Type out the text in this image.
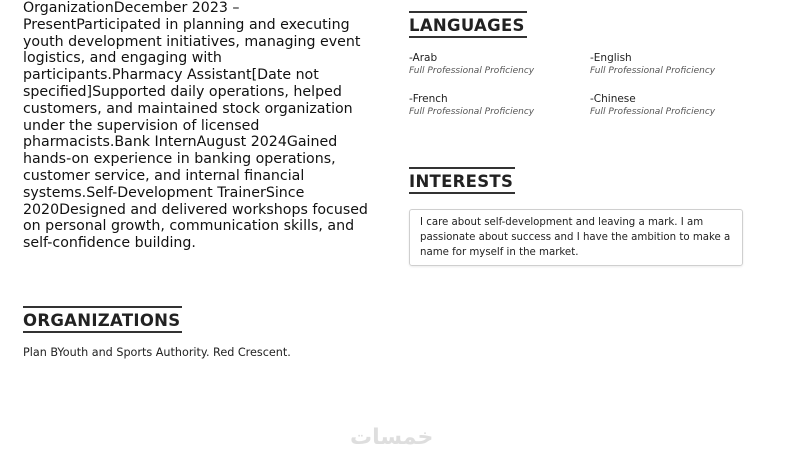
OrganizationDecember 2023 – PresentParticipated in planning and executing youth development initiatives, managing event logistics, and engaging with participants.Pharmacy Assistant[Date not specified]Supported daily operations, helped customers, and maintained stock organization under the supervision of licensed pharmacists.Bank InternAugust 2024Gained hands-on experience in banking operations, customer service, and internal financial systems.Self-Development TrainerSince 2020Designed and delivered workshops focused on personal growth, communication skills, and self-confidence building.

LANGUAGES
-Arab
Full Professional Proficiency
-English
Full Professional Proficiency
-French
Full Professional Proficiency
-Chinese
Full Professional Proficiency
INTERESTS
I care about self-development and leaving a mark. I am passionate about success and I have the ambition to make a name for myself in the market.
ORGANIZATIONS

Plan BYouth and Sports Authority. Red Crescent.

خمسات
